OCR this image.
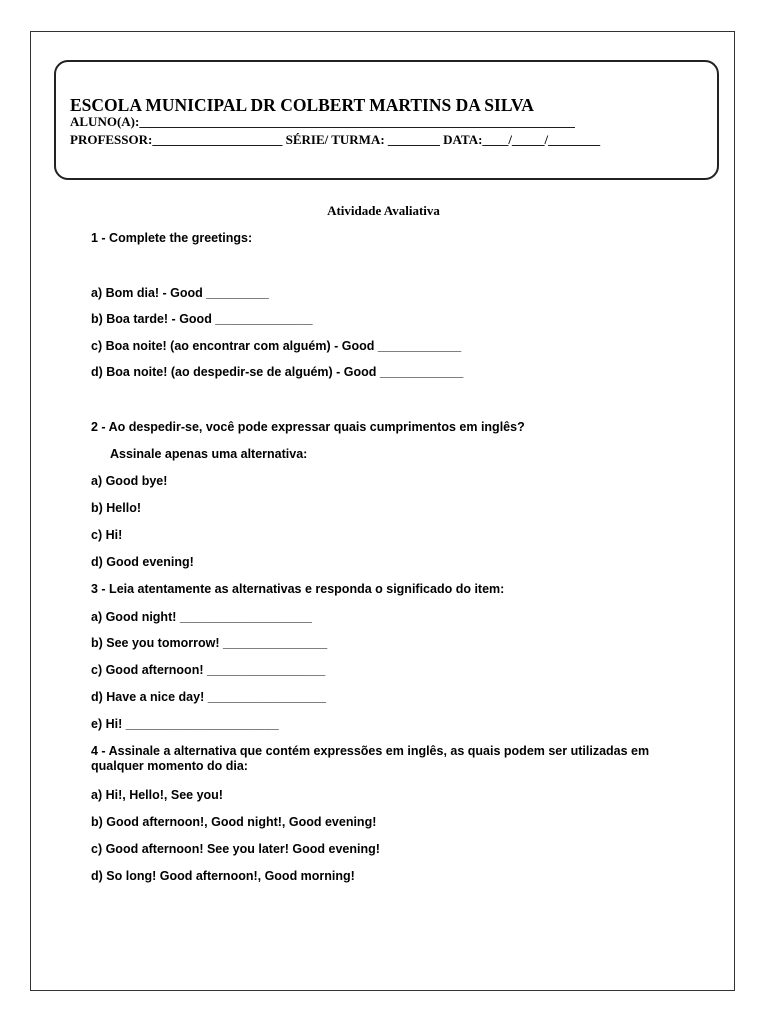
ESCOLA MUNICIPAL DR COLBERT MARTINS DA SILVA
ALUNO(A):___________________________________________________________________
PROFESSOR:____________________ SÉRIE/ TURMA: ________ DATA:____/_____/________
Atividade Avaliativa
1 - Complete the greetings:
a) Bom dia! - Good _________
b) Boa tarde! - Good ______________
c) Boa noite! (ao encontrar com alguém) - Good ____________
d) Boa noite! (ao despedir-se de alguém) - Good ____________
2 - Ao despedir-se, você pode expressar quais cumprimentos em inglês?
Assinale apenas uma alternativa:
a) Good bye!
b) Hello!
c) Hi!
d) Good evening!
3 - Leia atentamente as alternativas e responda o significado do item:
a) Good night! ___________________
b) See you tomorrow! _______________
c) Good afternoon! _________________
d) Have a nice day! _________________
e) Hi! ______________________
4 - Assinale a alternativa que contém expressões em inglês, as quais podem ser utilizadas em qualquer momento do dia:
a) Hi!, Hello!, See you!
b) Good afternoon!, Good night!, Good evening!
c) Good afternoon! See you later! Good evening!
d) So long! Good afternoon!, Good morning!
